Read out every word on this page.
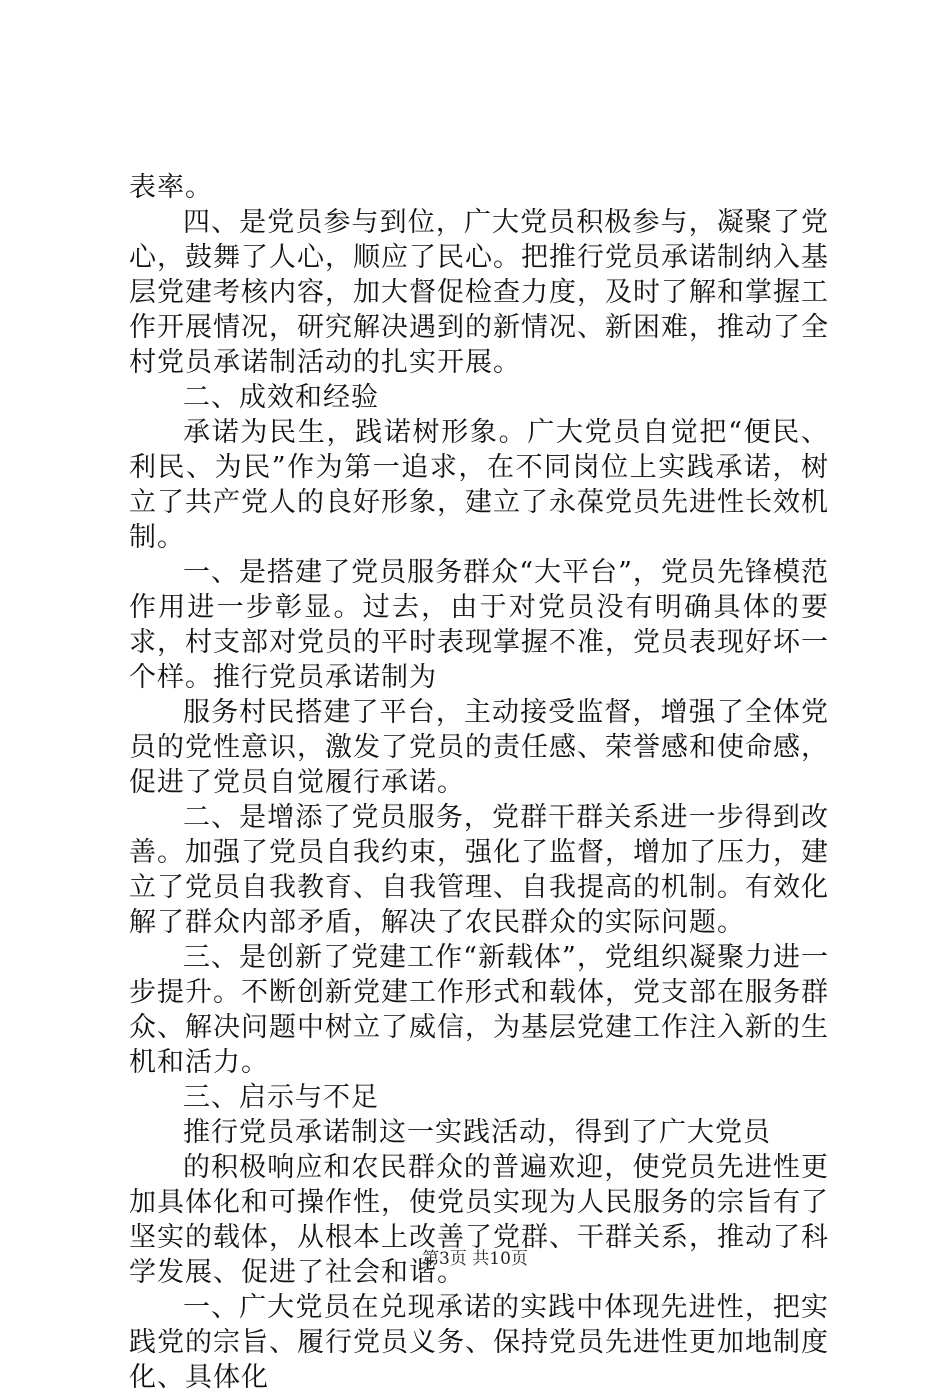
表率。

四、是党员参与到位，广大党员积极参与，凝聚了党心，鼓舞了人心，顺应了民心。把推行党员承诺制纳入基层党建考核内容，加大督促检查力度，及时了解和掌握工作开展情况，研究解决遇到的新情况、新困难，推动了全村党员承诺制活动的扎实开展。

二、成效和经验

承诺为民生，践诺树形象。广大党员自觉把“便民、利民、为民”作为第一追求，在不同岗位上实践承诺，树立了共产党人的良好形象，建立了永葆党员先进性长效机制。

一、是搭建了党员服务群众“大平台”，党员先锋模范作用进一步彰显。过去，由于对党员没有明确具体的要求，村支部对党员的平时表现掌握不准，党员表现好坏一个样。推行党员承诺制为

服务村民搭建了平台，主动接受监督，增强了全体党员的党性意识，激发了党员的责任感、荣誉感和使命感，促进了党员自觉履行承诺。

二、是增添了党员服务，党群干群关系进一步得到改善。加强了党员自我约束，强化了监督，增加了压力，建立了党员自我教育、自我管理、自我提高的机制。有效化解了群众内部矛盾，解决了农民群众的实际问题。

三、是创新了党建工作“新载体”，党组织凝聚力进一步提升。不断创新党建工作形式和载体，党支部在服务群众、解决问题中树立了威信，为基层党建工作注入新的生机和活力。

三、启示与不足

推行党员承诺制这一实践活动，得到了广大党员

的积极响应和农民群众的普遍欢迎，使党员先进性更加具体化和可操作性，使党员实现为人民服务的宗旨有了坚实的载体，从根本上改善了党群、干群关系，推动了科学发展、促进了社会和谐。

一、广大党员在兑现承诺的实践中体现先进性，把实践党的宗旨、履行党员义务、保持党员先进性更加地制度化、具体化

第3页 共10页
